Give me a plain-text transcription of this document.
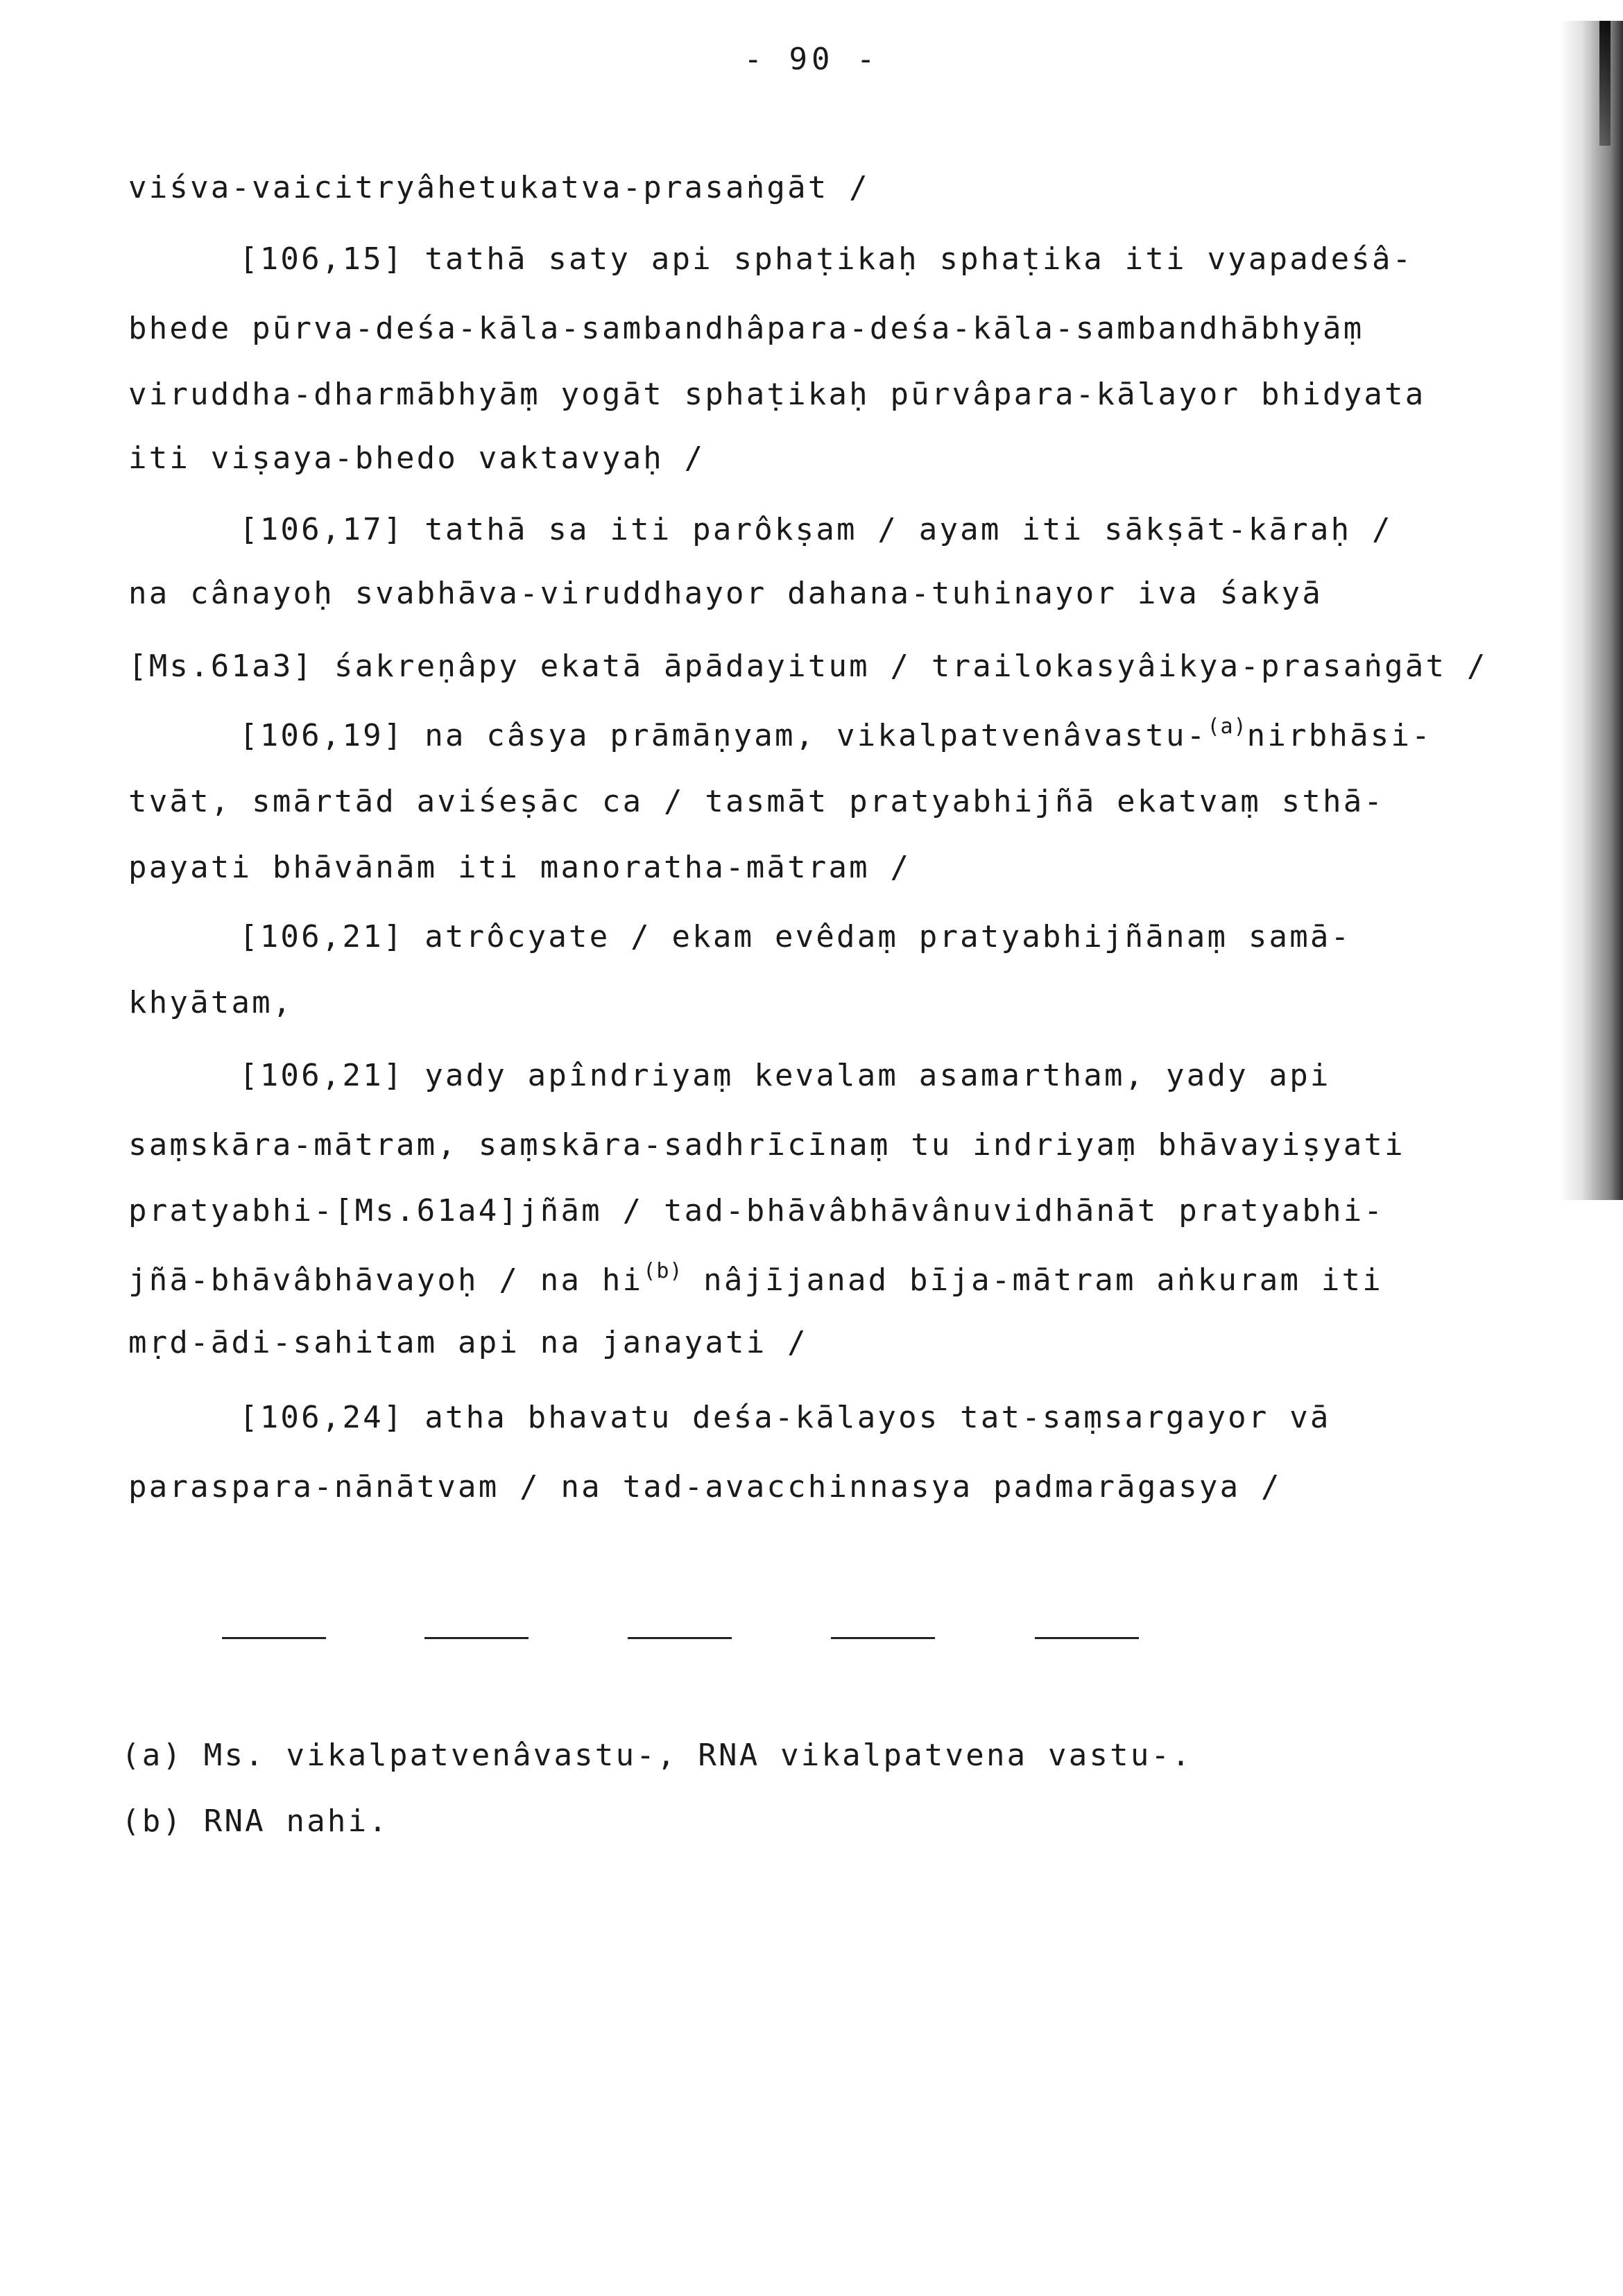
- 90 -
viśva-vaicitryâhetukatva-prasaṅgāt /
[106,15] tathā saty api sphaṭikaḥ sphaṭika iti vyapadeśâ-
bhede pūrva-deśa-kāla-sambandhâpara-deśa-kāla-sambandhābhyāṃ
viruddha-dharmābhyāṃ yogāt sphaṭikaḥ pūrvâpara-kālayor bhidyata
iti viṣaya-bhedo vaktavyaḥ /
[106,17] tathā sa iti parôkṣam / ayam iti sākṣāt-kāraḥ /
na cânayoḥ svabhāva-viruddhayor dahana-tuhinayor iva śakyā
[Ms.61a3] śakreṇâpy ekatā āpādayitum / trailokasyâikya-prasaṅgāt /
[106,19] na câsya prāmāṇyam, vikalpatvenâvastu-$^{(a)}$nirbhāsi-
tvāt, smārtād aviśeṣāc ca / tasmāt pratyabhijñā ekatvaṃ sthā-
payati bhāvānām iti manoratha-mātram /
[106,21] atrôcyate / ekam evêdaṃ pratyabhijñānaṃ samā-
khyātam,
[106,21] yady apîndriyaṃ kevalam asamartham, yady api
saṃskāra-mātram, saṃskāra-sadhrīcīnaṃ tu indriyaṃ bhāvayiṣyati
pratyabhi-[Ms.61a4]jñām / tad-bhāvâbhāvânuvidhānāt pratyabhi-
jñā-bhāvâbhāvayoḥ / na $hi^{(b)}$ nâjījanad bīja-mātram aṅkuram iti
mṛd-ādi-sahitam api na janayati /
[106,24] atha bhavatu deśa-kālayos tat-saṃsargayor vā
paraspara-nānātvam / na tad-avacchinnasya padmarāgasya /
(a) Ms. vikalpatvenâvastu-, RNA vikalpatvena vastu-.
(b) RNA nahi.
